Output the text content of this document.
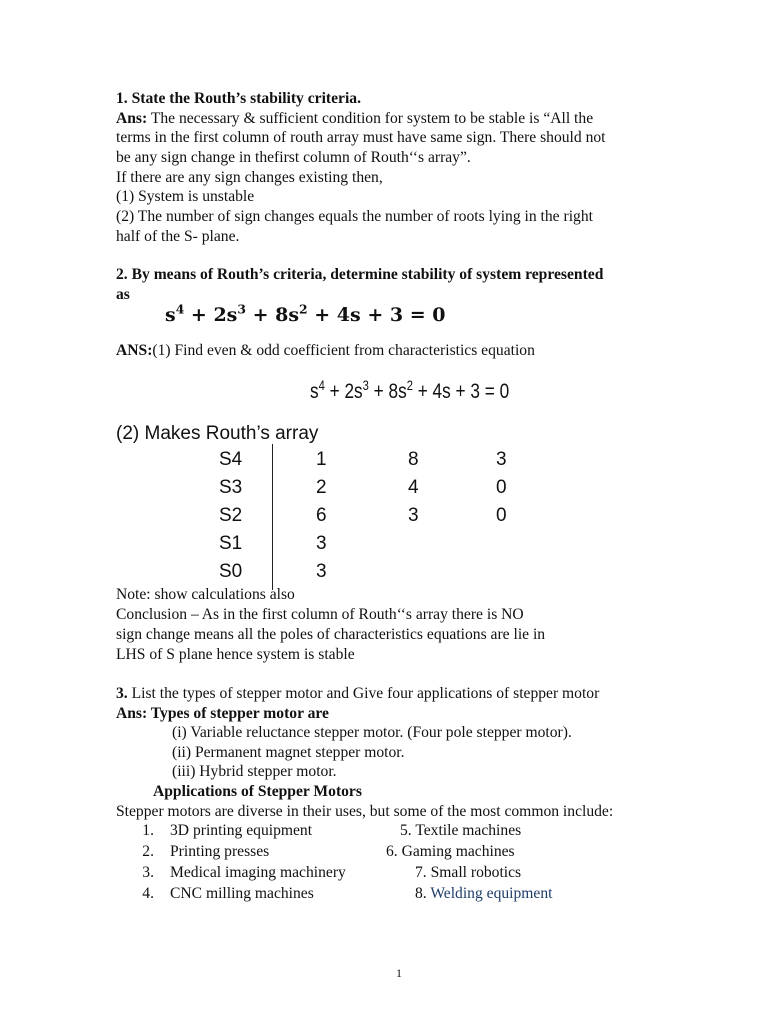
1. State the Routh’s stability criteria.
Ans: The necessary & sufficient condition for system to be stable is “All the
terms in the first column of routh array must have same sign. There should not
be any sign change in thefirst column of Routh‘‘s array”.
If there are any sign changes existing then,
(1) System is unstable
(2) The number of sign changes equals the number of roots lying in the right
half of the S- plane.
2. By means of Routh’s criteria, determine stability of system represented
as
$s^4 + 2s^3 + 8s^2 + 4s + 3 = 0$
ANS:(1) Find even & odd coefficient from characteristics equation
$s^4 + 2s^3 + 8s^2 + 4s + 3 = 0$
(2) Makes Routh’s array
S4	1	8	3
S3	2	4	0
S2	6	3	0
S1	3
S0	3
Note: show calculations also
Conclusion – As in the first column of Routh‘‘s array there is NO
sign change means all the poles of characteristics equations are lie in
LHS of S plane hence system is stable
3. List the types of stepper motor and Give four applications of stepper motor
Ans: Types of stepper motor are
(i) Variable reluctance stepper motor. (Four pole stepper motor).
(ii) Permanent magnet stepper motor.
(iii) Hybrid stepper motor.
Applications of Stepper Motors
Stepper motors are diverse in their uses, but some of the most common include:
1. 3D printing equipment
2. Printing presses
3. Medical imaging machinery
4. CNC milling machines
5. Textile machines
6. Gaming machines
7. Small robotics
8. Welding equipment
1
